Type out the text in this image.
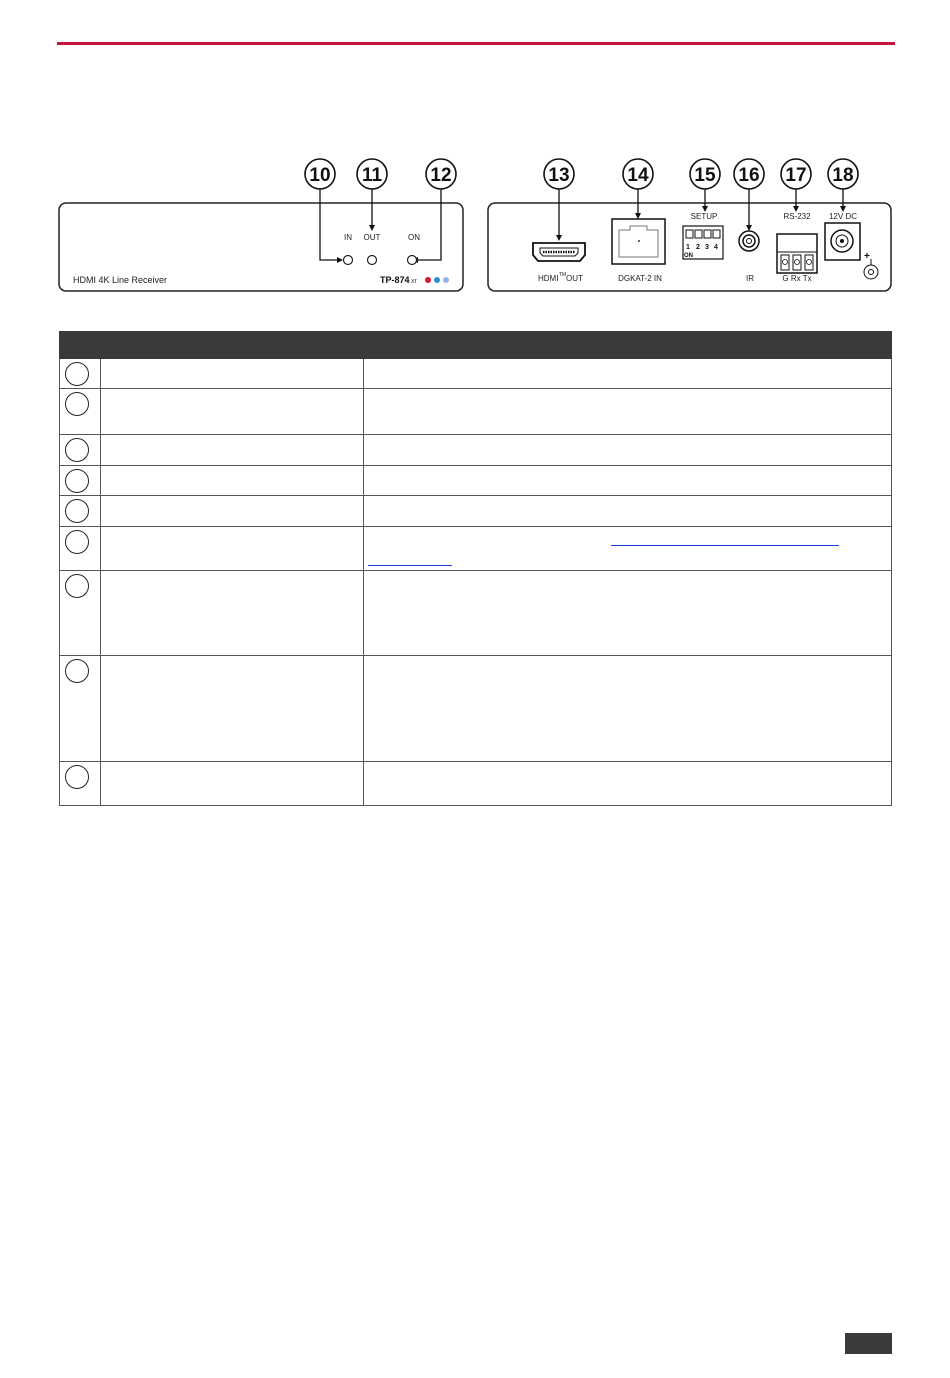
10 11	12
IN OUT	ON
HDMI 4K Line Receiver	TP-874 xr
13	14 15 16 17 18
HDMI TM OUT	DGKAT-2 IN
SETUP
1 2 3 4
ON
IR
RS-232
G Rx Tx
12V DC
+
